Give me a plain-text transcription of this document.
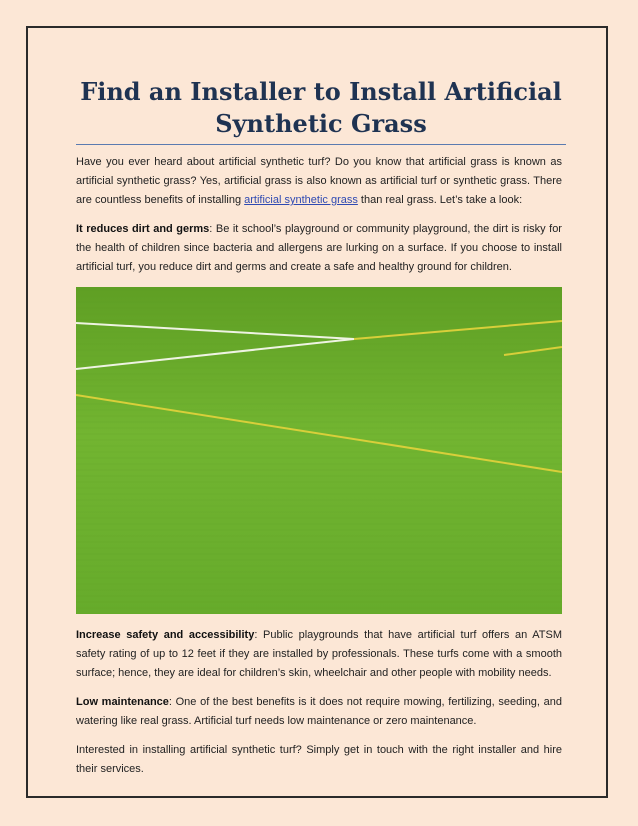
Find an Installer to Install Artificial Synthetic Grass

Have you ever heard about artificial synthetic turf? Do you know that artificial grass is known as artificial synthetic grass? Yes, artificial grass is also known as artificial turf or synthetic grass. There are countless benefits of installing artificial synthetic grass than real grass. Let’s take a look:

It reduces dirt and germs: Be it school’s playground or community playground, the dirt is risky for the health of children since bacteria and allergens are lurking on a surface. If you choose to install artificial turf, you reduce dirt and germs and create a safe and healthy ground for children.

Increase safety and accessibility: Public playgrounds that have artificial turf offers an ATSM safety rating of up to 12 feet if they are installed by professionals. These turfs come with a smooth surface; hence, they are ideal for children’s skin, wheelchair and other people with mobility needs.

Low maintenance: One of the best benefits is it does not require mowing, fertilizing, seeding, and watering like real grass. Artificial turf needs low maintenance or zero maintenance.

Interested in installing artificial synthetic turf? Simply get in touch with the right installer and hire their services.
